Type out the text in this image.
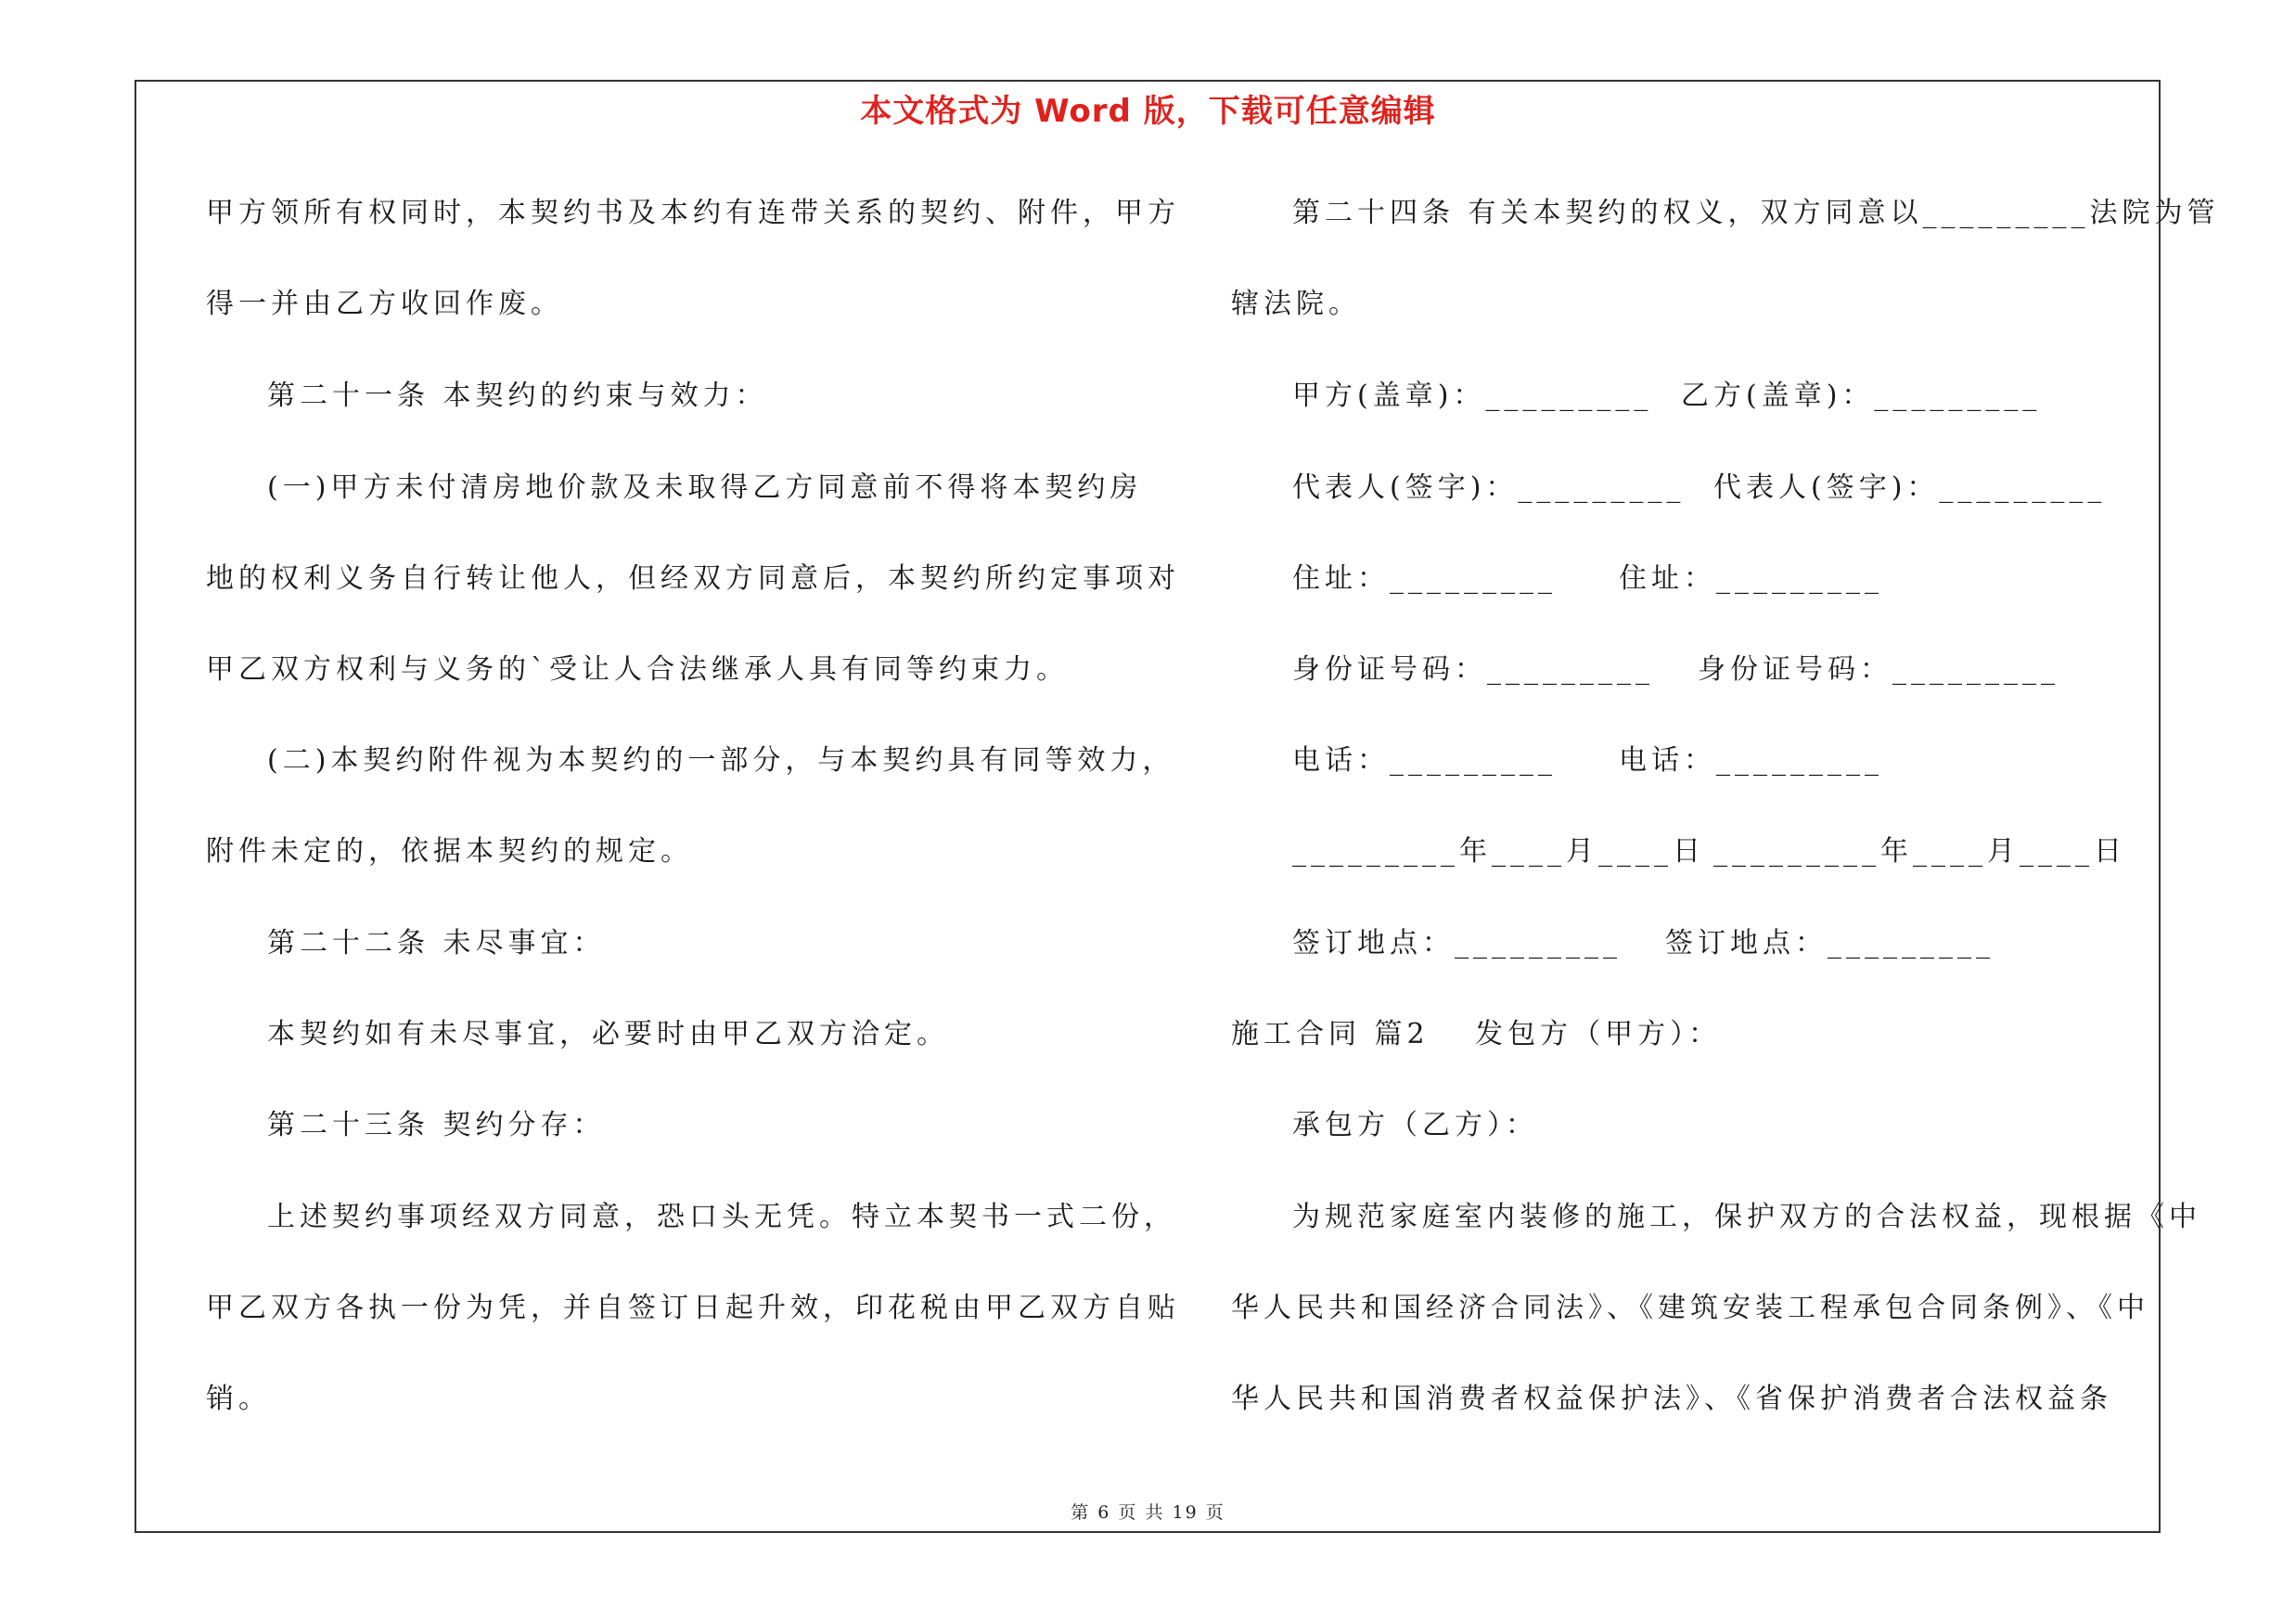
本文格式为 Word 版，下载可任意编辑
甲方领所有权同时，本契约书及本约有连带关系的契约、附件，甲方
得一并由乙方收回作废。
第二十一条 本契约的约束与效力：
(一)甲方未付清房地价款及未取得乙方同意前不得将本契约房
地的权利义务自行转让他人，但经双方同意后，本契约所约定事项对
甲乙双方权利与义务的`受让人合法继承人具有同等约束力。
(二)本契约附件视为本契约的一部分，与本契约具有同等效力，
附件未定的，依据本契约的规定。
第二十二条 未尽事宜：
本契约如有未尽事宜，必要时由甲乙双方洽定。
第二十三条 契约分存：
上述契约事项经双方同意，恐口头无凭。特立本契书一式二份，
甲乙双方各执一份为凭，并自签订日起升效，印花税由甲乙双方自贴
销。
第二十四条 有关本契约的权义，双方同意以_________法院为管
辖法院。
甲方(盖章)：_________ 乙方(盖章)：_________
代表人(签字)：_________ 代表人(签字)：_________
住址：_________ 住址：_________
身份证号码：_________ 身份证号码：_________
电话：_________ 电话：_________
_________年____月____日 _________年____月____日
签订地点：_________ 签订地点：_________
施工合同 篇2　 发包方（甲方）：
承包方（乙方）：
为规范家庭室内装修的施工，保护双方的合法权益，现根据《中
华人民共和国经济合同法》、《建筑安装工程承包合同条例》、《中
华人民共和国消费者权益保护法》、《省保护消费者合法权益条
第 6 页 共 19 页
